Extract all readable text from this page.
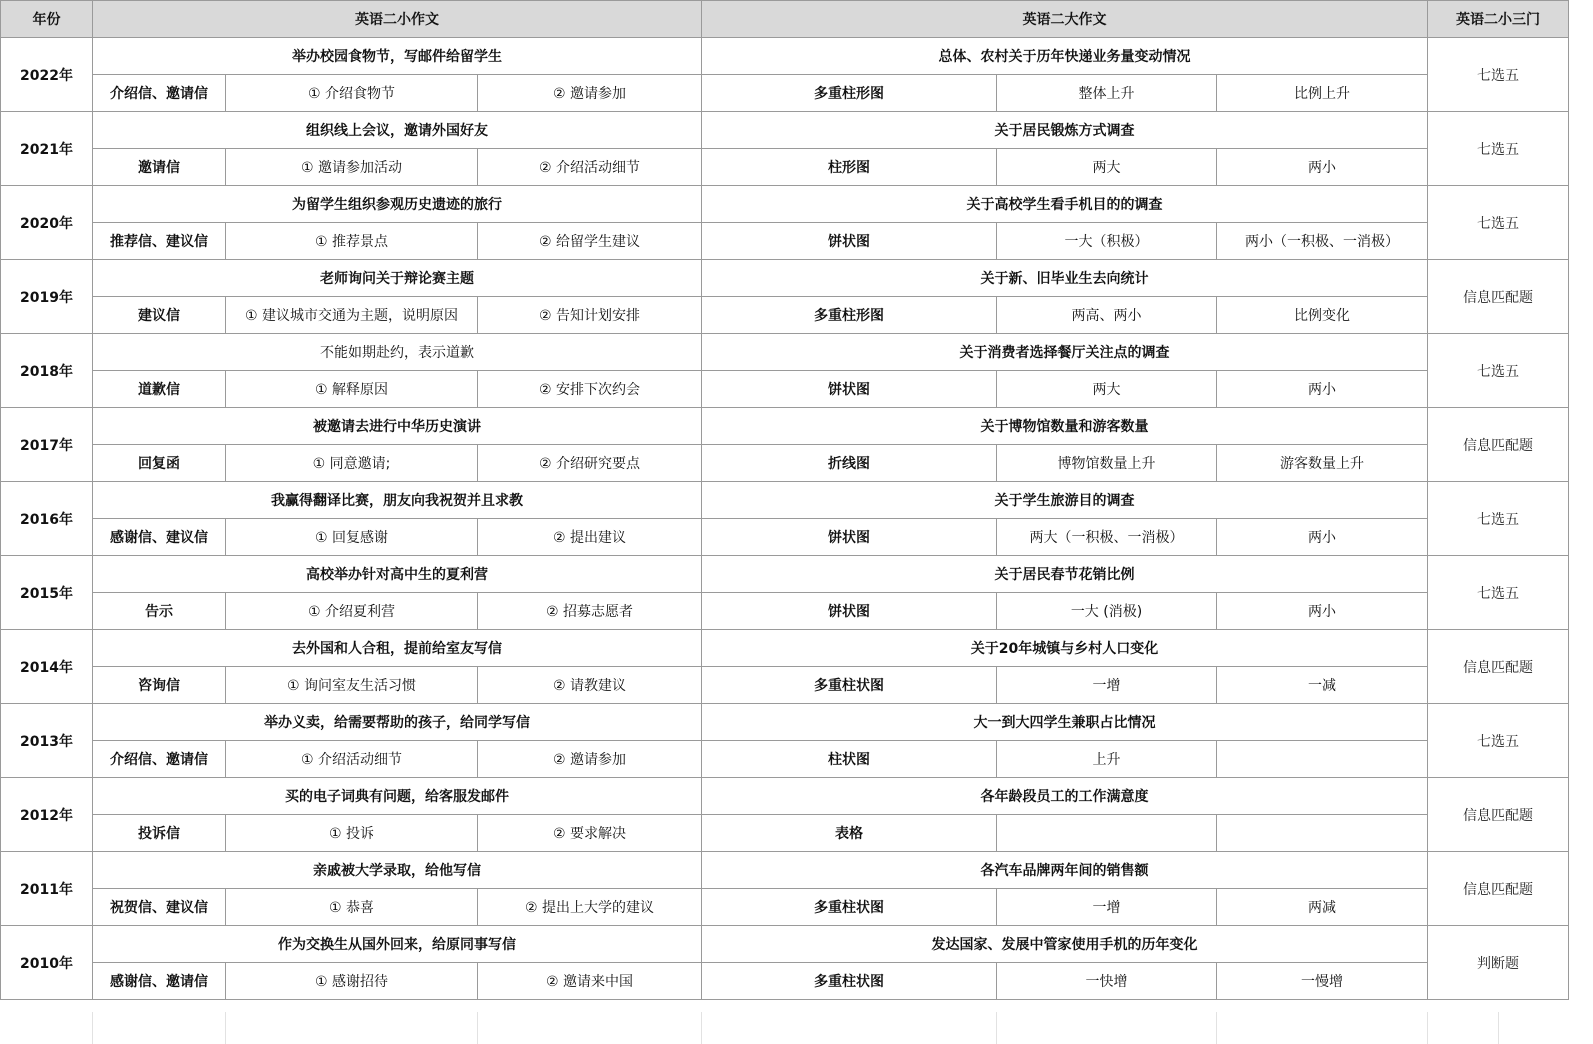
年份	英语二小作文			英语二大作文			英语二小三门
2022年	举办校园食物节，写邮件给留学生			总体、农村关于历年快递业务量变动情况			七选五
	介绍信、邀请信	① 介绍食物节	② 邀请参加	多重柱形图	整体上升	比例上升	
2021年	组织线上会议，邀请外国好友			关于居民锻炼方式调查			七选五
	邀请信	① 邀请参加活动	② 介绍活动细节	柱形图	两大	两小	
2020年	为留学生组织参观历史遗迹的旅行			关于高校学生看手机目的的调查			七选五
	推荐信、建议信	① 推荐景点	② 给留学生建议	饼状图	一大（积极）	两小（一积极、一消极）	
2019年	老师询问关于辩论赛主题			关于新、旧毕业生去向统计			信息匹配题
	建议信	① 建议城市交通为主题，说明原因	② 告知计划安排	多重柱形图	两高、两小	比例变化	
2018年	不能如期赴约，表示道歉			关于消费者选择餐厅关注点的调查			七选五
	道歉信	① 解释原因	② 安排下次约会	饼状图	两大	两小	
2017年	被邀请去进行中华历史演讲			关于博物馆数量和游客数量			信息匹配题
	回复函	① 同意邀请;	② 介绍研究要点	折线图	博物馆数量上升	游客数量上升	
2016年	我赢得翻译比赛，朋友向我祝贺并且求教			关于学生旅游目的调查			七选五
	感谢信、建议信	① 回复感谢	② 提出建议	饼状图	两大（一积极、一消极）	两小	
2015年	高校举办针对高中生的夏利营			关于居民春节花销比例			七选五
	告示	① 介绍夏利营	② 招募志愿者	饼状图	一大 (消极)	两小	
2014年	去外国和人合租，提前给室友写信			关于20年城镇与乡村人口变化			信息匹配题
	咨询信	① 询问室友生活习惯	② 请教建议	多重柱状图	一增	一减	
2013年	举办义卖，给需要帮助的孩子，给同学写信			大一到大四学生兼职占比情况			七选五
	介绍信、邀请信	① 介绍活动细节	② 邀请参加	柱状图	上升		
2012年	买的电子词典有问题，给客服发邮件			各年龄段员工的工作满意度			信息匹配题
	投诉信	① 投诉	② 要求解决	表格			
2011年	亲戚被大学录取，给他写信			各汽车品牌两年间的销售额			信息匹配题
	祝贺信、建议信	① 恭喜	② 提出上大学的建议	多重柱状图	一增	两减	
2010年	作为交换生从国外回来，给原同事写信			发达国家、发展中管家使用手机的历年变化			判断题
	感谢信、邀请信	① 感谢招待	② 邀请来中国	多重柱状图	一快增	一慢增	
